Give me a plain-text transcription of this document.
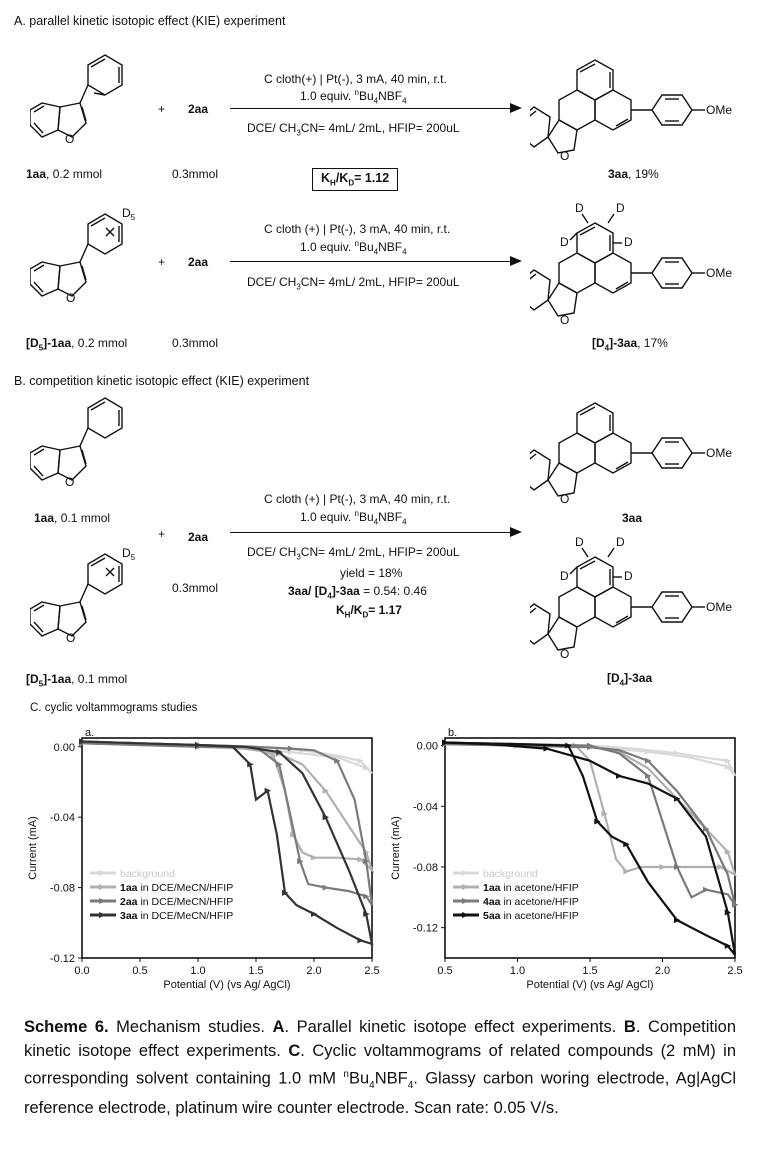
A. parallel kinetic isotopic effect (KIE) experiment
O
1aa, 0.2 mmol
+ 2aa
0.3mmol
C cloth(+) | Pt(-), 3 mA, 40 min, r.t.
1.0 equiv. $^nBu_4NBF_4$
DCE/ $CH_3CN= 4mL/$ 2mL, HFIP= 200uL
$K_H/K_D= 1.12$
O
OMe
3aa, 19%
O
$D_5$
$[D_5]-1aa$, 0.2 mmol
+ 2aa
0.3mmol
C cloth (+) | Pt(-), 3 mA, 40 min, r.t.
1.0 equiv. $^nBu_4NBF_4$
DCE/ $CH_3CN= 4mL/$ 2mL, HFIP= 200uL
D
D	D
D
O
OMe
$[D_4]-3aa$, 17%
B. competition kinetic isotopic effect (KIE) experiment
O
1aa, 0.1 mmol
O
$D_5$
$[D_5]-1aa$, 0.1 mmol
+ 2aa
0.3mmol
C cloth (+) | Pt(-), 3 mA, 40 min, r.t.
1.0 equiv. $^nBu_4NBF_4$
DCE/ $CH_3CN= 4mL/$ 2mL, HFIP= 200uL
yield = 18%
3aa/ $[D_4]-3aa = 0.54$: 0.46
$K_H/K_D= 1.17$
O
OMe
3aa
D
D	D
D
O
OMe
$[D_4]-3aa$
C. cyclic voltammograms studies
a.
0.0	0.5	1.0	1.5	2.0	2.5
0.00
-0.04
-0.08
-0.12
Potential (V) (vs Ag/ AgCl)
Current (mA)	background
1aa in DCE/MeCN/HFIP
2aa in DCE/MeCN/HFIP
3aa in DCE/MeCN/HFIP
b.
0.5	1.0	1.5	2.0	2.5
0.00
-0.04
-0.08
-0.12
Potential (V) (vs Ag/ AgCl)
Current (mA)	background
1aa in acetone/HFIP
4aa in acetone/HFIP
5aa in acetone/HFIP

Scheme 6. Mechanism studies. A. Parallel kinetic isotope effect experiments. B. Competition kinetic isotope effect experiments. C. Cyclic voltammograms of related compounds (2 mM) in corresponding solvent containing 1.0 mM $^nBu_4NBF_4$. Glassy carbon woring electrode, Ag|AgCl reference electrode, platinum wire counter electrode. Scan rate: 0.05 V/s.
